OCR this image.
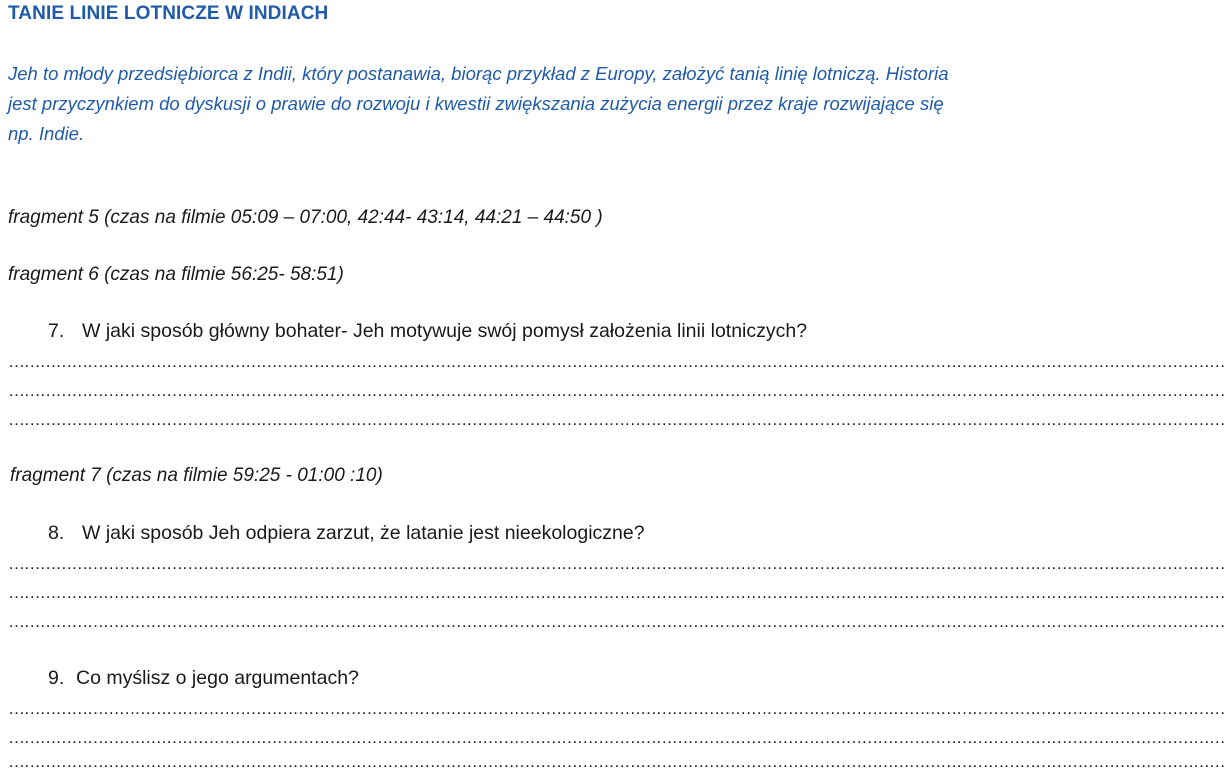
TANIE LINIE LOTNICZE W INDIACH
Jeh to młody przedsiębiorca z Indii, który postanawia, biorąc przykład z Europy, założyć tanią linię lotniczą. Historia jest przyczynkiem do dyskusji o prawie do rozwoju i kwestii zwiększania zużycia energii przez kraje rozwijające się np. Indie.
fragment 5 (czas na filmie 05:09 – 07:00, 42:44- 43:14, 44:21 – 44:50 )
fragment 6 (czas na filmie 56:25- 58:51)
7. W jaki sposób główny bohater- Jeh motywuje swój pomysł założenia linii lotniczych?
……………………………………………………………………………………………………………………………………………………………………………………………………………
……………………………………………………………………………………………………………………………………………………………………………………………………………
……………………………………………………………………………………………………………………………………………………………………………………………………………
fragment 7 (czas na filmie 59:25 - 01:00 :10)
8. W jaki sposób Jeh odpiera zarzut, że latanie jest nieekologiczne?
……………………………………………………………………………………………………………………………………………………………………………………………………………
……………………………………………………………………………………………………………………………………………………………………………………………………………
……………………………………………………………………………………………………………………………………………………………………………………………………………
9. Co myślisz o jego argumentach?
……………………………………………………………………………………………………………………………………………………………………………………………………………
……………………………………………………………………………………………………………………………………………………………………………………………………………
……………………………………………………………………………………………………………………………………………………………………………………………………………
